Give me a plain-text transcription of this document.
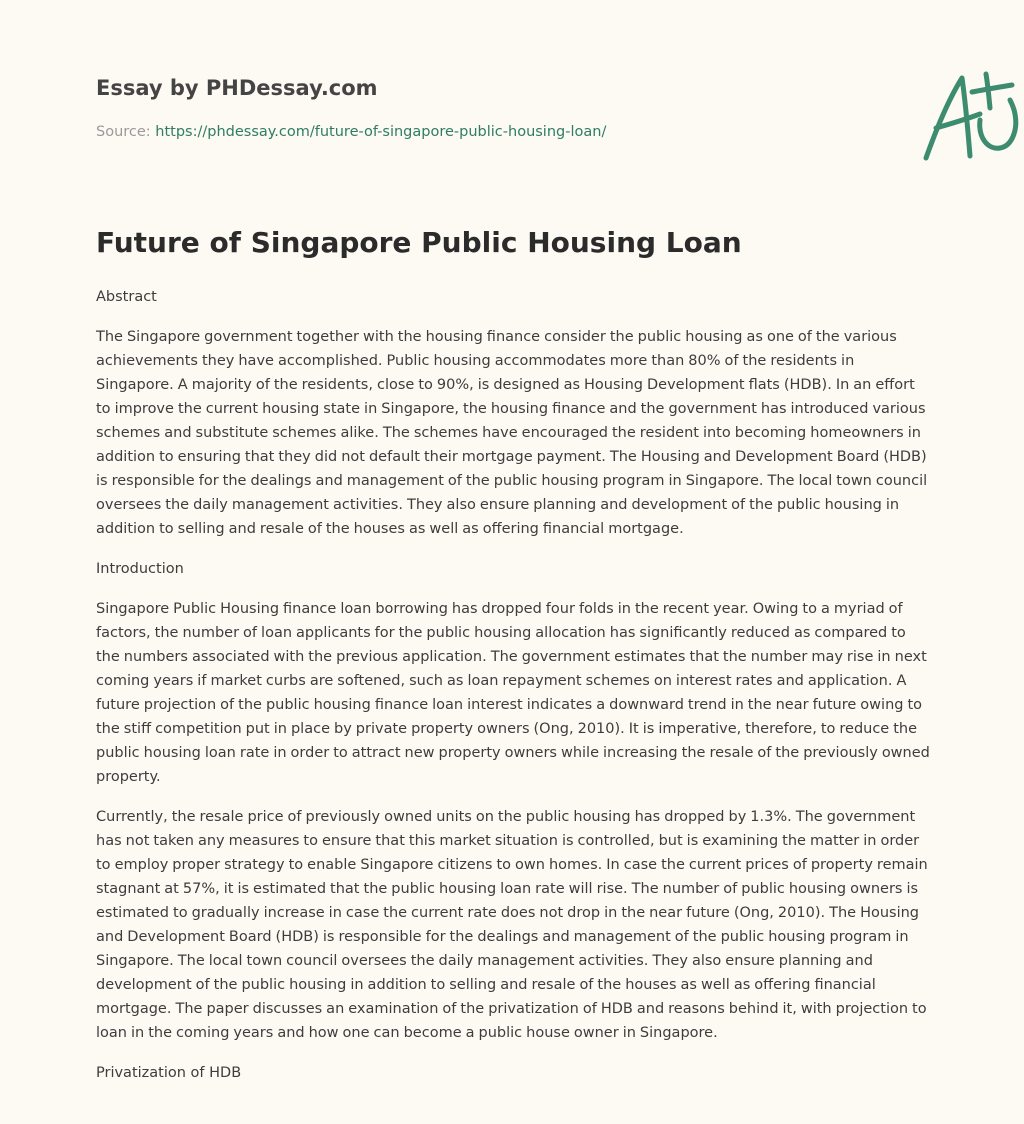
Essay by PHDessay.com
Source: https://phdessay.com/future-of-singapore-public-housing-loan/
Future of Singapore Public Housing Loan

Abstract

The Singapore government together with the housing finance consider the public housing as one of the various achievements they have accomplished. Public housing accommodates more than 80% of the residents in Singapore. A majority of the residents, close to 90%, is designed as Housing Development flats (HDB). In an effort to improve the current housing state in Singapore, the housing finance and the government has introduced various schemes and substitute schemes alike. The schemes have encouraged the resident into becoming homeowners in addition to ensuring that they did not default their mortgage payment. The Housing and Development Board (HDB) is responsible for the dealings and management of the public housing program in Singapore. The local town council oversees the daily management activities. They also ensure planning and development of the public housing in addition to selling and resale of the houses as well as offering financial mortgage.

Introduction

Singapore Public Housing finance loan borrowing has dropped four folds in the recent year. Owing to a myriad of factors, the number of loan applicants for the public housing allocation has significantly reduced as compared to the numbers associated with the previous application. The government estimates that the number may rise in next coming years if market curbs are softened, such as loan repayment schemes on interest rates and application. A future projection of the public housing finance loan interest indicates a downward trend in the near future owing to the stiff competition put in place by private property owners (Ong, 2010). It is imperative, therefore, to reduce the public housing loan rate in order to attract new property owners while increasing the resale of the previously owned property.

Currently, the resale price of previously owned units on the public housing has dropped by 1.3%. The government has not taken any measures to ensure that this market situation is controlled, but is examining the matter in order to employ proper strategy to enable Singapore citizens to own homes. In case the current prices of property remain stagnant at 57%, it is estimated that the public housing loan rate will rise. The number of public housing owners is estimated to gradually increase in case the current rate does not drop in the near future (Ong, 2010). The Housing and Development Board (HDB) is responsible for the dealings and management of the public housing program in Singapore. The local town council oversees the daily management activities. They also ensure planning and development of the public housing in addition to selling and resale of the houses as well as offering financial mortgage. The paper discusses an examination of the privatization of HDB and reasons behind it, with projection to loan in the coming years and how one can become a public house owner in Singapore.

Privatization of HDB
